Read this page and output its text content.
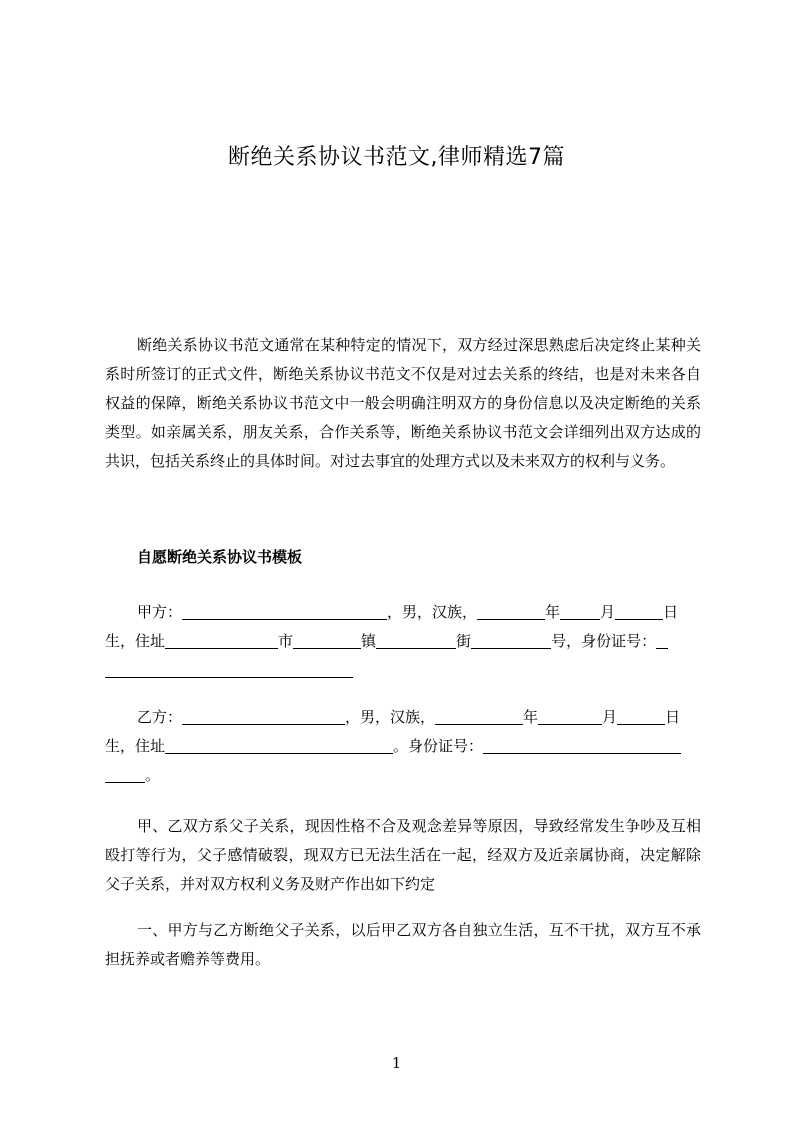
断绝关系协议书范文,律师精选7篇
断绝关系协议书范文通常在某种特定的情况下，双方经过深思熟虑后决定终止某种关系时所签订的正式文件，断绝关系协议书范文不仅是对过去关系的终结，也是对未来各自权益的保障，断绝关系协议书范文中一般会明确注明双方的身份信息以及决定断绝的关系类型。如亲属关系，朋友关系，合作关系等，断绝关系协议书范文会详细列出双方达成的共识，包括关系终止的具体时间。对过去事宜的处理方式以及未来双方的权利与义务。
自愿断绝关系协议书模板
甲方：	，男，汉族，	年	月	日
生，住址	市	镇	街	号，身份证号：
乙方：	，男，汉族，	年	月	日
生，住址	。身份证号：
。
甲、乙双方系父子关系，现因性格不合及观念差异等原因，导致经常发生争吵及互相殴打等行为，父子感情破裂，现双方已无法生活在一起，经双方及近亲属协商，决定解除父子关系，并对双方权利义务及财产作出如下约定
一、甲方与乙方断绝父子关系，以后甲乙双方各自独立生活，互不干扰，双方互不承担抚养或者赡养等费用。
1
